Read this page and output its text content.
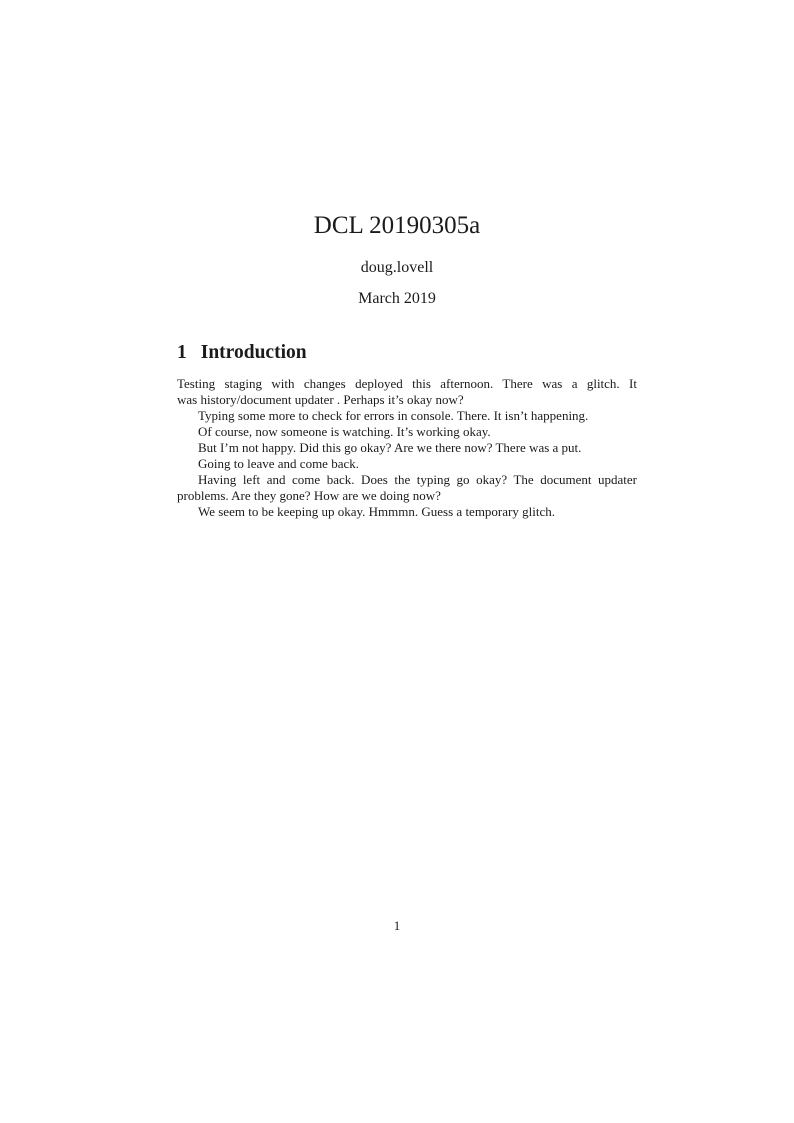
DCL 20190305a
doug.lovell
March 2019
1 Introduction
Testing staging with changes deployed this afternoon. There was a glitch. It
was history/document updater . Perhaps it’s okay now?
Typing some more to check for errors in console. There. It isn’t happening.
Of course, now someone is watching. It’s working okay.
But I’m not happy. Did this go okay? Are we there now? There was a put.
Going to leave and come back.
Having left and come back. Does the typing go okay? The document updater
problems. Are they gone? How are we doing now?
We seem to be keeping up okay. Hmmmn. Guess a temporary glitch.
1
